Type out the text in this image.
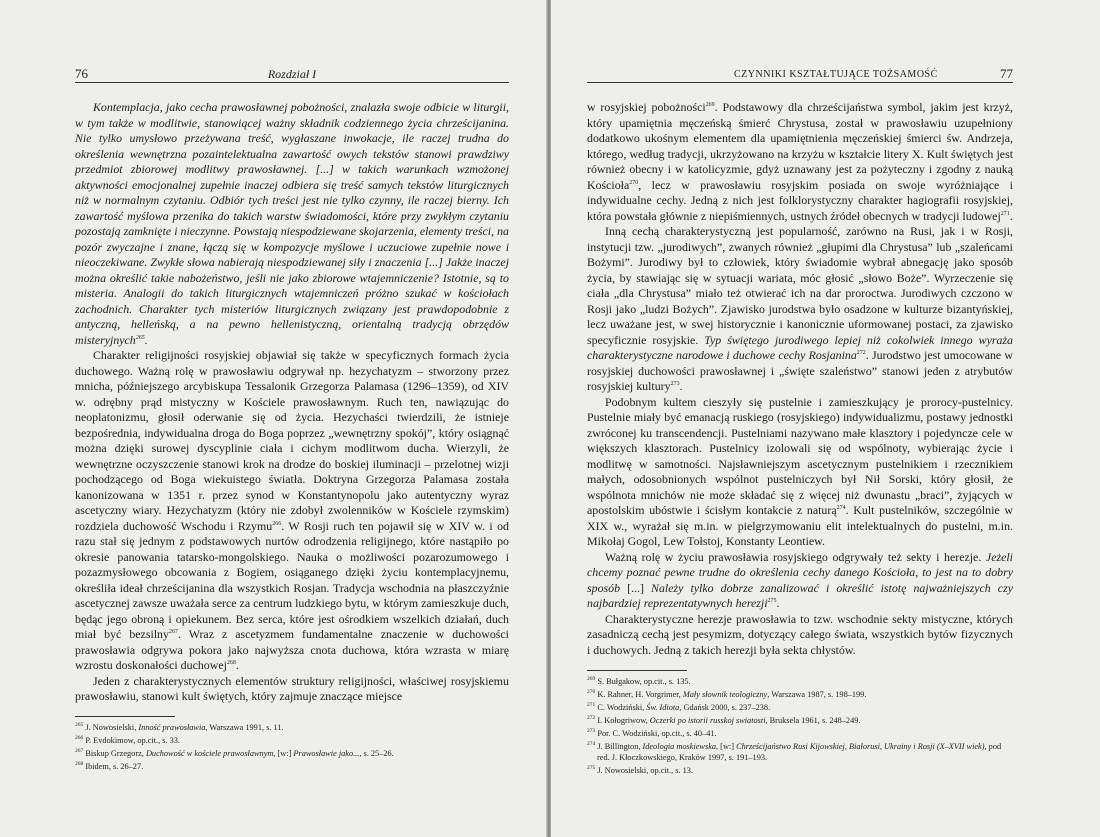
76	Rozdział I

Kontemplacja, jako cecha prawosławnej pobożności, znalazła swoje odbicie w liturgii, w tym także w modlitwie, stanowiącej ważny składnik codziennego życia chrześcijanina. Nie tylko umysłowo przeżywana treść, wygłaszane inwokacje, ile raczej trudna do określenia wewnętrzna pozaintelektualna zawartość owych tekstów stanowi prawdziwy przedmiot zbiorowej modlitwy prawosławnej. [...] w takich warunkach wzmożonej aktywności emocjonalnej zupełnie inaczej odbiera się treść samych tekstów liturgicznych niż w normalnym czytaniu. Odbiór tych treści jest nie tylko czynny, ile raczej bierny. Ich zawartość myślowa przenika do takich warstw świadomości, które przy zwykłym czytaniu pozostają zamknięte i nieczynne. Powstają niespodziewane skojarzenia, elementy treści, na pozór zwyczajne i znane, łączą się w kompozycje myślowe i uczuciowe zupełnie nowe i nieoczekiwane. Zwykłe słowa nabierają niespodziewanej siły i znaczenia [...] Jakże inaczej można określić takie nabożeństwo, jeśli nie jako zbiorowe wtajemniczenie? Istotnie, są to misteria. Analogii do takich liturgicznych wtajemniczeń próżno szukać w kościołach zachodnich. Charakter tych misteriów liturgicznych związany jest prawdopodobnie z antyczną, helleńską, a na pewno hellenistyczną, orientalną tradycją obrzędów misteryjnych$^{265}$.

Charakter religijności rosyjskiej objawiał się także w specyficznych formach życia duchowego. Ważną rolę w prawosławiu odgrywał np. hezychatyzm – stworzony przez mnicha, późniejszego arcybiskupa Tessalonik Grzegorza Palamasa (1296–1359), od XIV w. odrębny prąd mistyczny w Kościele prawosławnym. Ruch ten, nawiązując do neoplatonizmu, głosił oderwanie się od życia. Hezychaści twierdzili, że istnieje bezpośrednia, indywidualna droga do Boga poprzez „wewnętrzny spokój”, który osiągnąć można dzięki surowej dyscyplinie ciała i cichym modlitwom ducha. Wierzyli, że wewnętrzne oczyszczenie stanowi krok na drodze do boskiej iluminacji – przelotnej wizji pochodzącego od Boga wiekuistego światła. Doktryna Grzegorza Palamasa została kanonizowana w 1351 r. przez synod w Konstantynopolu jako autentyczny wyraz ascetyczny wiary. Hezychatyzm (który nie zdobył zwolenników w Kościele rzymskim) rozdziela duchowość Wschodu i Rzymu$^{266}$. W Rosji ruch ten pojawił się w XIV w. i od razu stał się jednym z podstawowych nurtów odrodzenia religijnego, które nastąpiło po okresie panowania tatarsko-mongolskiego. Nauka o możliwości pozarozumowego i pozazmysłowego obcowania z Bogiem, osiąganego dzięki życiu kontemplacyjnemu, określiła ideał chrześcijanina dla wszystkich Rosjan. Tradycja wschodnia na płaszczyźnie ascetycznej zawsze uważała serce za centrum ludzkiego bytu, w którym zamieszkuje duch, będąc jego obroną i opiekunem. Bez serca, które jest ośrodkiem wszelkich działań, duch miał być bezsilny$^{267}$. Wraz z ascetyzmem fundamentalne znaczenie w duchowości prawosławia odgrywa pokora jako najwyższa cnota duchowa, która wzrasta w miarę wzrostu doskonałości duchowej$^{268}$.

Jeden z charakterystycznych elementów struktury religijności, właściwej rosyjskiemu prawosławiu, stanowi kult świętych, który zajmuje znaczące miejsce

$^{265}$ J. Nowosielski, Inność prawosławia, Warszawa 1991, s. 11.

$^{266}$ P. Evdokimow, op.cit., s. 33.

$^{267}$ Biskup Grzegorz, Duchowość w kościele prawosławnym, [w:] Prawosławie jako..., s. 25–26.

$^{268}$ Ibidem, s. 26–27.

CZYNNIKI KSZTAŁTUJĄCE TOŻSAMOŚĆ	77

w rosyjskiej pobożności$^{269}$. Podstawowy dla chrześcijaństwa symbol, jakim jest krzyż, który upamiętnia męczeńską śmierć Chrystusa, został w prawosławiu uzupełniony dodatkowo ukośnym elementem dla upamiętnienia męczeńskiej śmierci św. Andrzeja, którego, według tradycji, ukrzyżowano na krzyżu w kształcie litery X. Kult świętych jest również obecny i w katolicyzmie, gdyż uznawany jest za pożyteczny i zgodny z nauką Kościoła$^{270}$, lecz w prawosławiu rosyjskim posiada on swoje wyróżniające i indywidualne cechy. Jedną z nich jest folklorystyczny charakter hagiografii rosyjskiej, która powstała głównie z niepiśmiennych, ustnych źródeł obecnych w tradycji ludowej$^{271}$.

Inną cechą charakterystyczną jest popularność, zarówno na Rusi, jak i w Rosji, instytucji tzw. „jurodiwych”, zwanych również „głupimi dla Chrystusa” lub „szaleńcami Bożymi”. Jurodiwy był to człowiek, który świadomie wybrał abnegację jako sposób życia, by stawiając się w sytuacji wariata, móc głosić „słowo Boże”. Wyrzeczenie się ciała „dla Chrystusa” miało też otwierać ich na dar proroctwa. Jurodiwych czczono w Rosji jako „ludzi Bożych”. Zjawisko jurodstwa było osadzone w kulturze bizantyńskiej, lecz uważane jest, w swej historycznie i kanonicznie uformowanej postaci, za zjawisko specyficznie rosyjskie. Typ świętego jurodiwego lepiej niż cokolwiek innego wyraża charakterystyczne narodowe i duchowe cechy Rosjanina$^{272}$. Jurodstwo jest umocowane w rosyjskiej duchowości prawosławnej i „święte szaleństwo” stanowi jeden z atrybutów rosyjskiej kultury$^{273}$.

Podobnym kultem cieszyły się pustelnie i zamieszkujący je prorocy-pustelnicy. Pustelnie miały być emanacją ruskiego (rosyjskiego) indywidualizmu, postawy jednostki zwróconej ku transcendencji. Pustelniami nazywano małe klasztory i pojedyncze cele w większych klasztorach. Pustelnicy izolowali się od wspólnoty, wybierając życie i modlitwę w samotności. Najsławniejszym ascetycznym pustelnikiem i rzecznikiem małych, odosobnionych wspólnot pustelniczych był Nił Sorski, który głosił, że wspólnota mnichów nie może składać się z więcej niż dwunastu „braci”, żyjących w apostolskim ubóstwie i ścisłym kontakcie z naturą$^{274}$. Kult pustelników, szczególnie w XIX w., wyrażał się m.in. w pielgrzymowaniu elit intelektualnych do pustelni, m.in. Mikołaj Gogol, Lew Tołstoj, Konstanty Leontiew.

Ważną rolę w życiu prawosławia rosyjskiego odgrywały też sekty i herezje. Jeżeli chcemy poznać pewne trudne do określenia cechy danego Kościoła, to jest na to dobry sposób [...] Należy tylko dobrze zanalizować i określić istotę najważniejszych czy najbardziej reprezentatywnych herezji$^{275}$.

Charakterystyczne herezje prawosławia to tzw. wschodnie sekty mistyczne, których zasadniczą cechą jest pesymizm, dotyczący całego świata, wszystkich bytów fizycznych i duchowych. Jedną z takich herezji była sekta chłystów.

$^{269}$ S. Bułgakow, op.cit., s. 135.

$^{270}$ K. Rahner, H. Vorgrimer, Mały słownik teologiczny, Warszawa 1987, s. 198–199.

$^{271}$ C. Wodziński, Św. Idiota, Gdańsk 2000, s. 237–238.

$^{272}$ I. Kołogriwow, Oczerki po istorii russkoj swiatosti, Bruksela 1961, s. 248–249.

$^{273}$ Por. C. Wodziński, op.cit., s. 40–41.

$^{274}$ J. Billington, Ideologia moskiewska, [w:] Chrześcijaństwo Rusi Kijowskiej, Białorusi, Ukrainy i Rosji (X–XVII wiek), pod red. J. Kłoczkowskiego, Kraków 1997, s. 191–193.

$^{275}$ J. Nowosielski, op.cit., s. 13.
